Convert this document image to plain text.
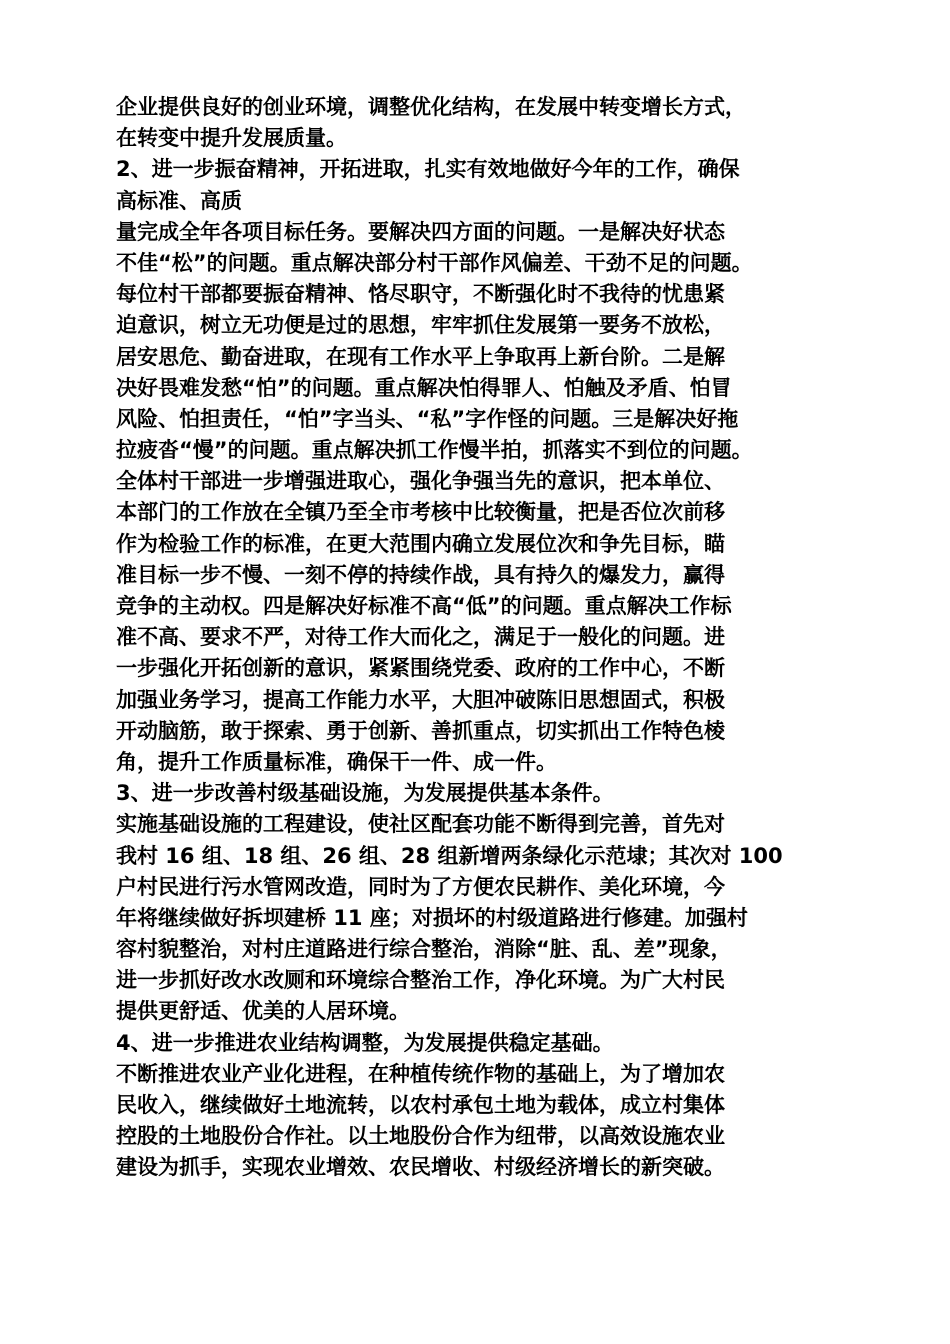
企业提供良好的创业环境，调整优化结构，在发展中转变增长方式，
在转变中提升发展质量。
2、进一步振奋精神，开拓进取，扎实有效地做好今年的工作，确保
高标准、高质
量完成全年各项目标任务。要解决四方面的问题。一是解决好状态
不佳“松”的问题。重点解决部分村干部作风偏差、干劲不足的问题。
每位村干部都要振奋精神、恪尽职守，不断强化时不我待的忧患紧
迫意识，树立无功便是过的思想，牢牢抓住发展第一要务不放松，
居安思危、勤奋进取，在现有工作水平上争取再上新台阶。二是解
决好畏难发愁“怕”的问题。重点解决怕得罪人、怕触及矛盾、怕冒
风险、怕担责任，“怕”字当头、“私”字作怪的问题。三是解决好拖
拉疲沓“慢”的问题。重点解决抓工作慢半拍，抓落实不到位的问题。
全体村干部进一步增强进取心，强化争强当先的意识，把本单位、
本部门的工作放在全镇乃至全市考核中比较衡量，把是否位次前移
作为检验工作的标准，在更大范围内确立发展位次和争先目标，瞄
准目标一步不慢、一刻不停的持续作战，具有持久的爆发力，赢得
竞争的主动权。四是解决好标准不高“低”的问题。重点解决工作标
准不高、要求不严，对待工作大而化之，满足于一般化的问题。进
一步强化开拓创新的意识，紧紧围绕党委、政府的工作中心，不断
加强业务学习，提高工作能力水平，大胆冲破陈旧思想固式，积极
开动脑筋，敢于探索、勇于创新、善抓重点，切实抓出工作特色棱
角，提升工作质量标准，确保干一件、成一件。
3、进一步改善村级基础设施，为发展提供基本条件。
实施基础设施的工程建设，使社区配套功能不断得到完善，首先对
我村 16 组、18 组、26 组、28 组新增两条绿化示范埭；其次对 100
户村民进行污水管网改造，同时为了方便农民耕作、美化环境，今
年将继续做好拆坝建桥 11 座；对损坏的村级道路进行修建。加强村
容村貌整治，对村庄道路进行综合整治，消除“脏、乱、差”现象，
进一步抓好改水改厕和环境综合整治工作，净化环境。为广大村民
提供更舒适、优美的人居环境。
4、进一步推进农业结构调整，为发展提供稳定基础。
不断推进农业产业化进程，在种植传统作物的基础上，为了增加农
民收入，继续做好土地流转，以农村承包土地为载体，成立村集体
控股的土地股份合作社。以土地股份合作为纽带，以高效设施农业
建设为抓手，实现农业增效、农民增收、村级经济增长的新突破。
